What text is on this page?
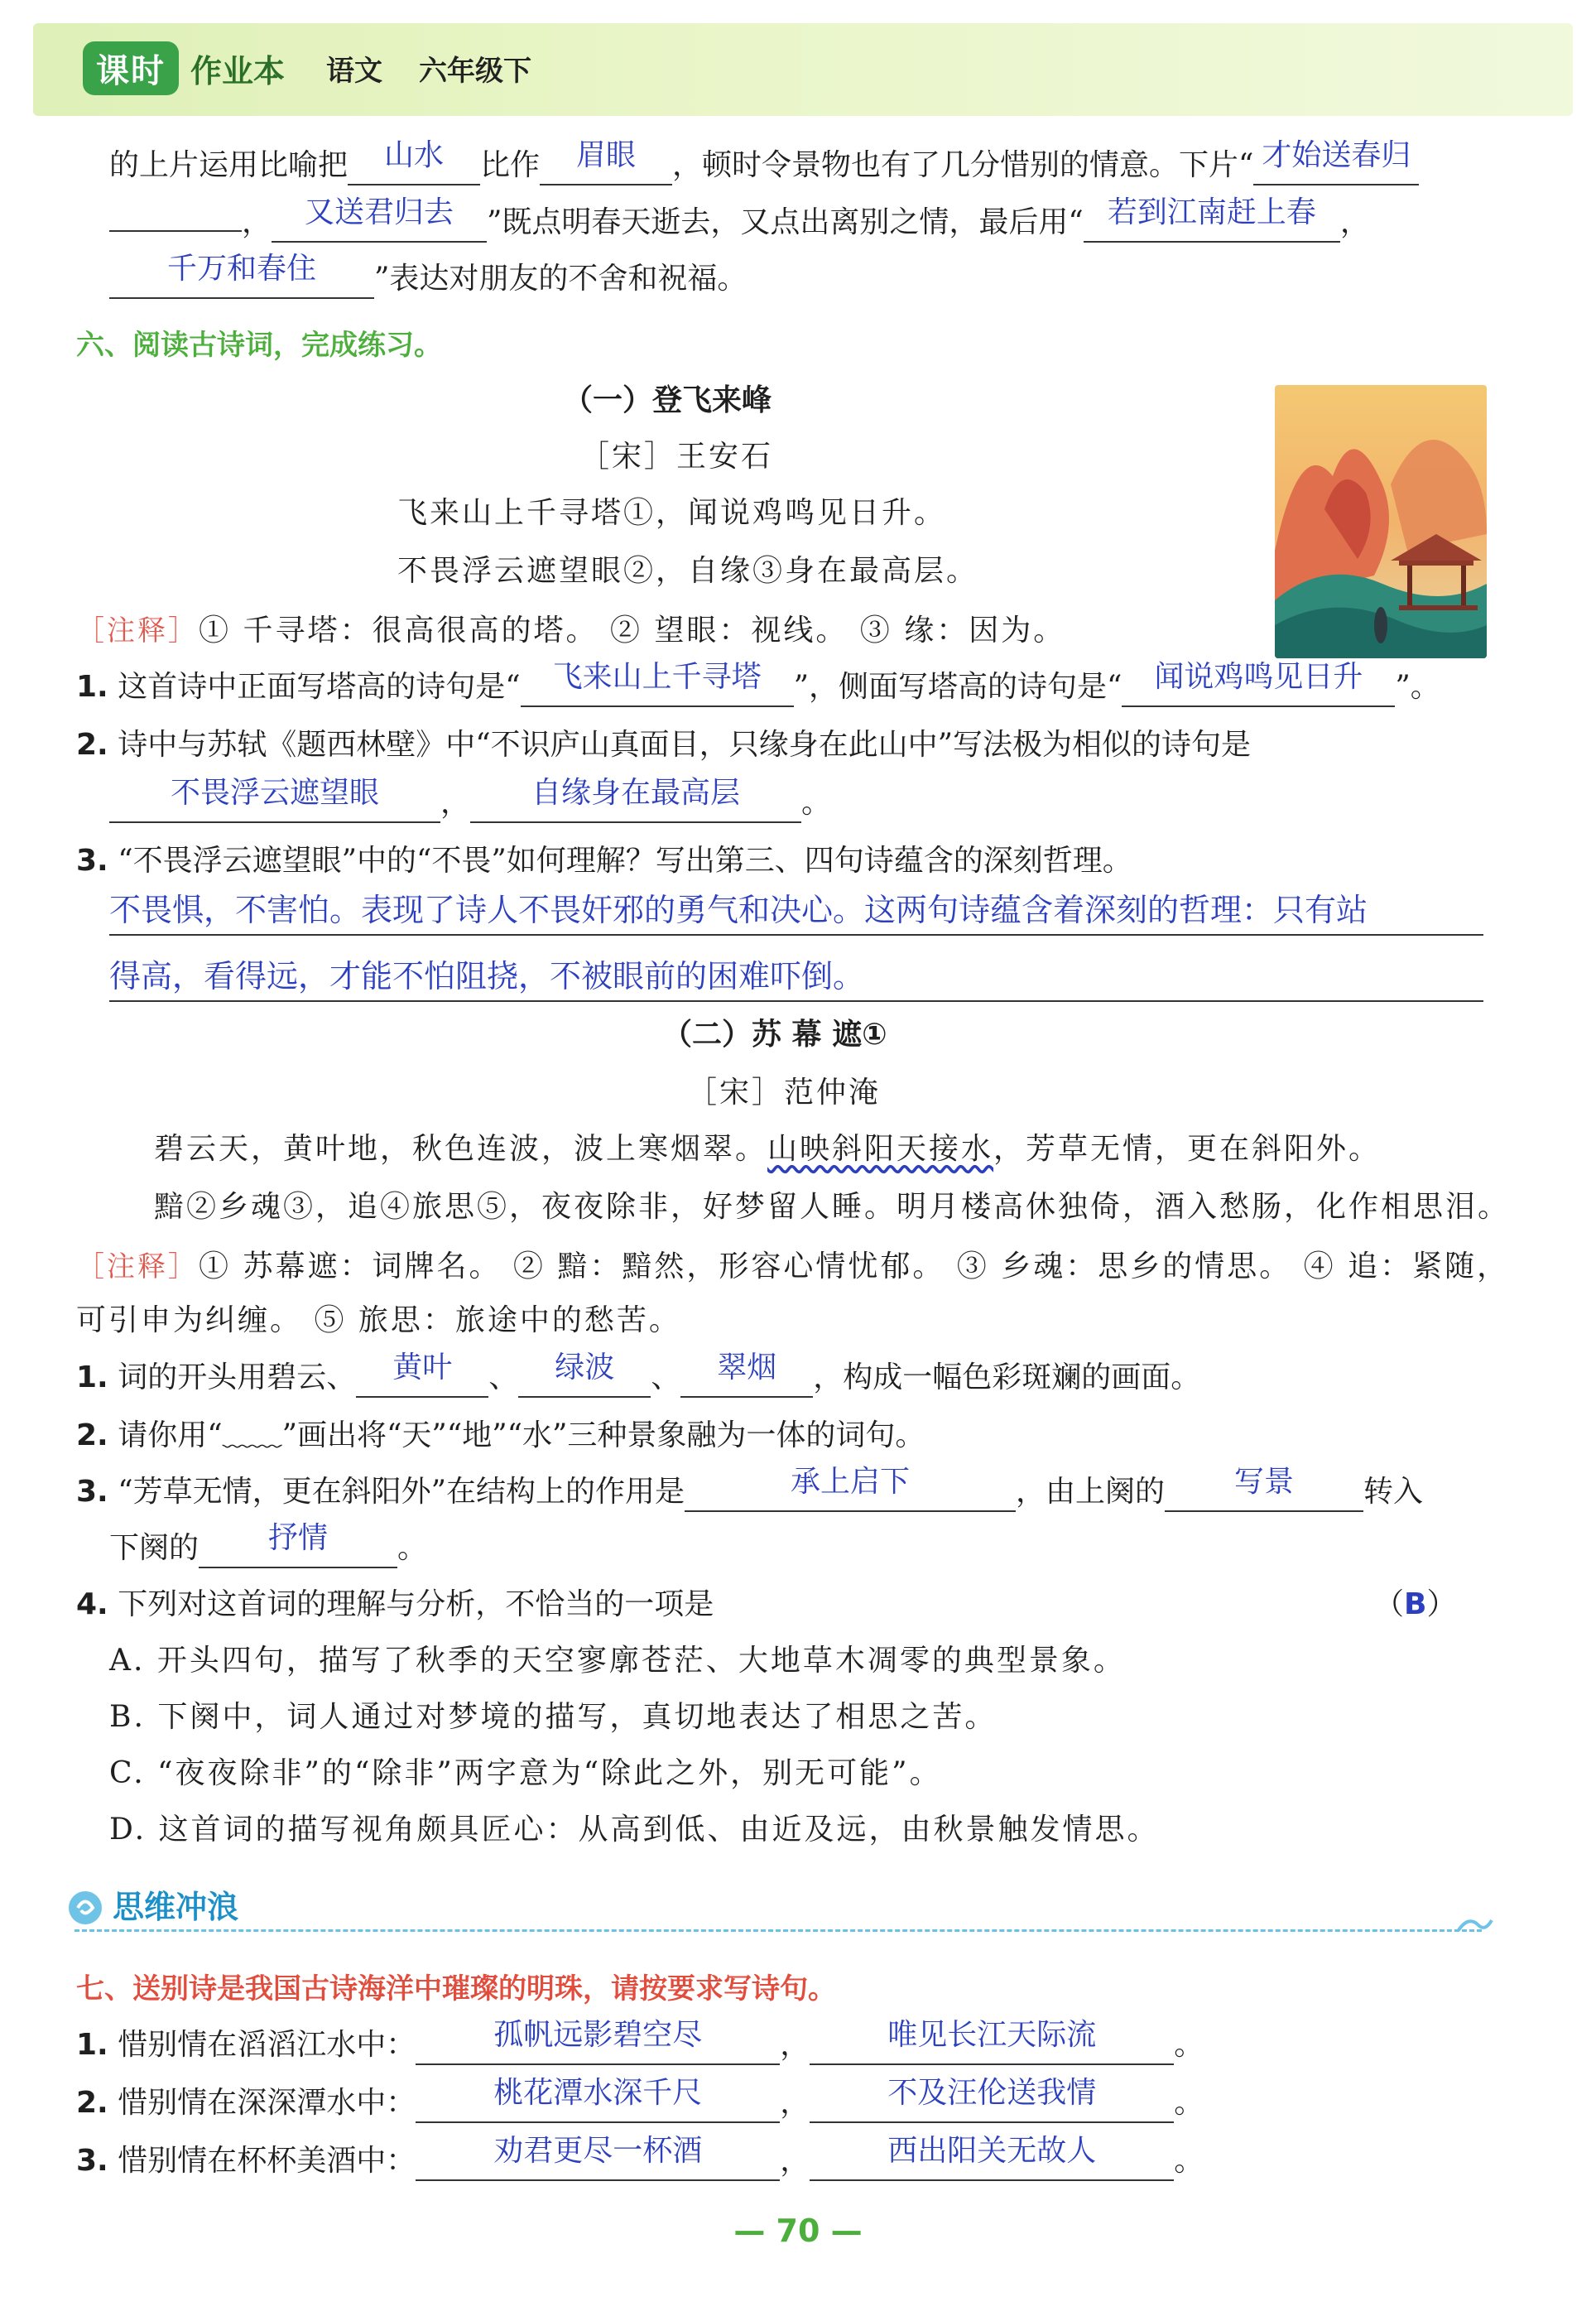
课时 作业本 语文 六年级下
的上片运用比喻把 山水 比作 眉眼 ，顿时令景物也有了几分惜别的情意。下片“ 才始送春归
， 又送君归去 ”既点明春天逝去，又点出离别之情，最后用“ 若到江南赶上春 ，
千万和春住 ”表达对朋友的不舍和祝福。
六、阅读古诗词，完成练习。
（一）登飞来峰
［宋］王安石
飞来山上千寻塔①，闻说鸡鸣见日升。
不畏浮云遮望眼②，自缘③身在最高层。
［注释］① 千寻塔：很高很高的塔。 ② 望眼：视线。 ③ 缘：因为。
1. 这首诗中正面写塔高的诗句是“ 飞来山上千寻塔 ”，侧面写塔高的诗句是“ 闻说鸡鸣见日升 ”。
2. 诗中与苏轼《题西林壁》中“不识庐山真面目，只缘身在此山中”写法极为相似的诗句是
不畏浮云遮望眼 ， 自缘身在最高层 。
3. “不畏浮云遮望眼”中的“不畏”如何理解？写出第三、四句诗蕴含的深刻哲理。
不畏惧，不害怕。表现了诗人不畏奸邪的勇气和决心。这两句诗蕴含着深刻的哲理：只有站
得高，看得远，才能不怕阻挠，不被眼前的困难吓倒。
（二）苏 幕 遮①
［宋］范仲淹
碧云天，黄叶地，秋色连波，波上寒烟翠。山映斜阳天接水，芳草无情，更在斜阳外。
黯②乡魂③，追④旅思⑤，夜夜除非，好梦留人睡。明月楼高休独倚，酒入愁肠，化作相思泪。
［注释］① 苏幕遮：词牌名。 ② 黯：黯然，形容心情忧郁。 ③ 乡魂：思乡的情思。 ④ 追：紧随，
可引申为纠缠。 ⑤ 旅思：旅途中的愁苦。
1. 词的开头用碧云、 黄叶 、 绿波 、 翠烟 ，构成一幅色彩斑斓的画面。
2. 请你用“﹏﹏”画出将“天”“地”“水”三种景象融为一体的词句。
3. “芳草无情，更在斜阳外”在结构上的作用是	承上启下	，由上阕的 写景 转入
下阕的 抒情 。
4. 下列对这首词的理解与分析，不恰当的一项是	（B）
A. 开头四句，描写了秋季的天空寥廓苍茫、大地草木凋零的典型景象。
B. 下阕中，词人通过对梦境的描写，真切地表达了相思之苦。
C. “夜夜除非”的“除非”两字意为“除此之外，别无可能”。
D. 这首词的描写视角颇具匠心：从高到低、由近及远，由秋景触发情思。
思维冲浪
七、送别诗是我国古诗海洋中璀璨的明珠，请按要求写诗句。
1. 惜别情在滔滔江水中：	孤帆远影碧空尽	，	唯见长江天际流	。
2. 惜别情在深深潭水中：	桃花潭水深千尺	，	不及汪伦送我情	。
3. 惜别情在杯杯美酒中：	劝君更尽一杯酒	，	西出阳关无故人	。
— 70 —
